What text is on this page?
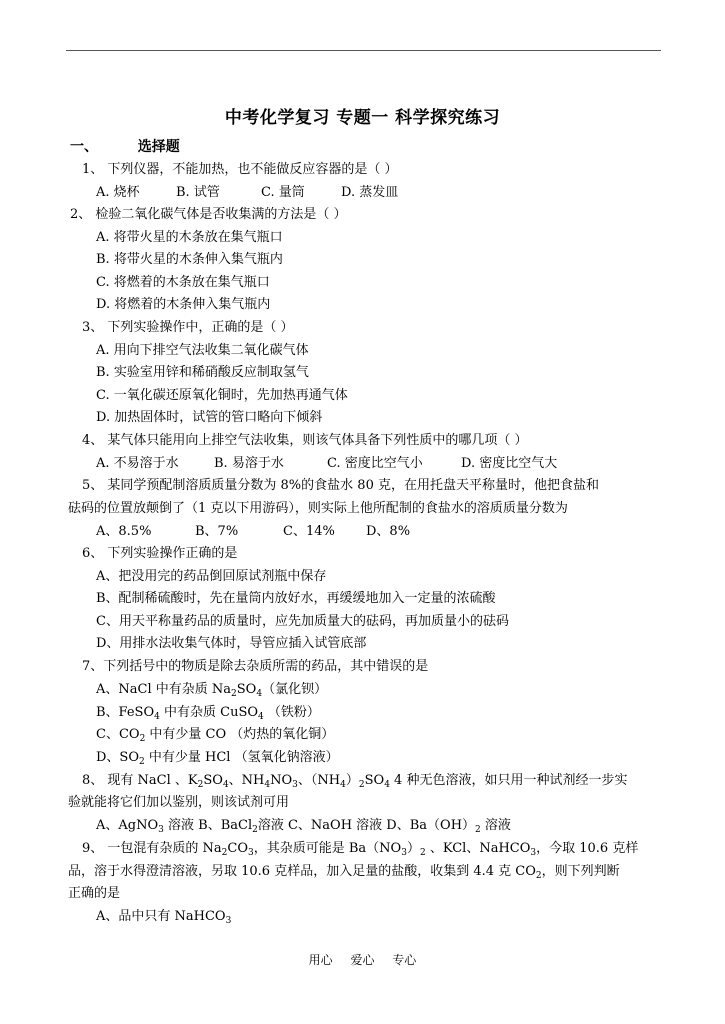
中考化学复习 专题一 科学探究练习
一、	选择题
1、 下列仪器，不能加热，也不能做反应容器的是（ ）
A. 烧杯	B. 试管	C. 量筒	D. 蒸发皿
2、 检验二氧化碳气体是否收集满的方法是（ ）
A. 将带火星的木条放在集气瓶口
B. 将带火星的木条伸入集气瓶内
C. 将燃着的木条放在集气瓶口
D. 将燃着的木条伸入集气瓶内
3、 下列实验操作中，正确的是（ ）
A. 用向下排空气法收集二氧化碳气体
B. 实验室用锌和稀硝酸反应制取氢气
C. 一氧化碳还原氧化铜时，先加热再通气体
D. 加热固体时，试管的管口略向下倾斜
4、 某气体只能用向上排空气法收集，则该气体具备下列性质中的哪几项（ ）
A. 不易溶于水	B. 易溶于水	C. 密度比空气小	D. 密度比空气大
5、 某同学预配制溶质质量分数为 8%的食盐水 80 克，在用托盘天平称量时，他把食盐和
砝码的位置放颠倒了（1 克以下用游码），则实际上他所配制的食盐水的溶质质量分数为
A、8.5%	B、7%	C、14% D、8%
6、 下列实验操作正确的是
A、把没用完的药品倒回原试剂瓶中保存
B、配制稀硫酸时，先在量筒内放好水，再缓缓地加入一定量的浓硫酸
C、用天平称量药品的质量时，应先加质量大的砝码，再加质量小的砝码
D、用排水法收集气体时，导管应插入试管底部
7、下列括号中的物质是除去杂质所需的药品，其中错误的是
A、NaCl 中有杂质 $Na_2SO_4$（氯化钡）
B、FeSO$_4$ 中有杂质 CuSO$_4$ （铁粉）
C、$CO_2$ 中有少量 CO （灼热的氧化铜）
D、$SO_2$ 中有少量 HCl （氢氧化钠溶液）
8、 现有 NaCl 、$K_2SO_4$、$NH_4NO_3$、$(NH_4)_2SO_4$ 4 种无色溶液，如只用一种试剂经一步实
验就能将它们加以鉴别，则该试剂可用
A、AgNO$_3$ 溶液 B、BaCl$_2$溶液 C、NaOH 溶液 D、$Ba(OH)_2$ 溶液
9、 一包混有杂质的 $Na_2CO_3$，其杂质可能是 $Ba(NO_3)_2$ 、KCl、NaHCO$_3$，今取 10.6 克样
品，溶于水得澄清溶液，另取 10.6 克样品，加入足量的盐酸，收集到 4.4 克 $CO_2$，则下列判断
正确的是
A、品中只有 NaHCO$_3$
用心 爱心 专心
